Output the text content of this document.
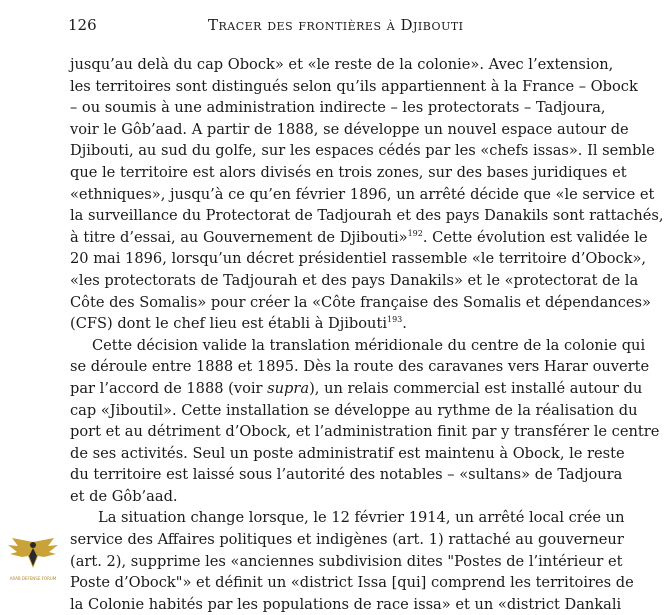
126	Tracer des frontières à Djibouti
jusqu’au delà du cap Obock» et «le reste de la colonie». Avec l’extension,
les territoires sont distingués selon qu’ils appartiennent à la France – Obock
– ou soumis à une administration indirecte – les protectorats – Tadjoura,
voir le Gôb’aad. A partir de 1888, se développe un nouvel espace autour de
Djibouti, au sud du golfe, sur les espaces cédés par les «chefs issas». Il semble
que le territoire est alors divisés en trois zones, sur des bases juridiques et
«ethniques», jusqu’à ce qu’en février 1896, un arrêté décide que «le service et
la surveillance du Protectorat de Tadjourah et des pays Danakils sont rattachés,
à titre d’essai, au Gouvernement de Djibouti»$^{192}$. Cette évolution est validée le
20 mai 1896, lorsqu’un décret présidentiel rassemble «le territoire d’Obock»,
«les protectorats de Tadjourah et des pays Danakils» et le «protectorat de la
Côte des Somalis» pour créer la «Côte française des Somalis et dépendances»
(CFS) dont le chef lieu est établi à Djibouti$^{193}$.
Cette décision valide la translation méridionale du centre de la colonie qui
se déroule entre 1888 et 1895. Dès la route des caravanes vers Harar ouverte
par l’accord de 1888 (voir supra), un relais commercial est installé autour du
cap «Jiboutil». Cette installation se développe au rythme de la réalisation du
port et au détriment d’Obock, et l’administration finit par y transférer le centre
de ses activités. Seul un poste administratif est maintenu à Obock, le reste
du territoire est laissé sous l’autorité des notables – «sultans» de Tadjoura
et de Gôb’aad.
La situation change lorsque, le 12 février 1914, un arrêté local crée un
service des Affaires politiques et indigènes (art. 1) rattaché au gouverneur
(art. 2), supprime les «anciennes subdivision dites "Postes de l’intérieur et
Poste d’Obock"» et définit un «district Issa [qui] comprend les territoires de
la Colonie habités par les populations de race issa» et un «district Dankali
ARAB DEFENSE FORUM
